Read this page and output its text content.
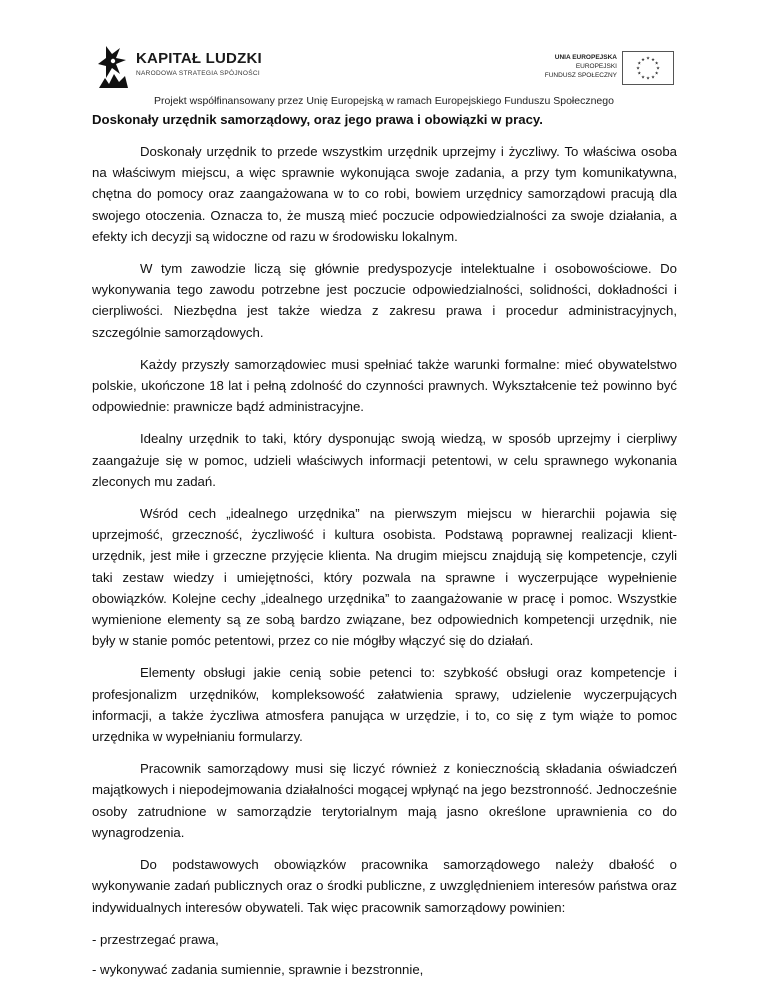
KAPITAŁ LUDZKI
NARODOWA STRATEGIA SPÓJNOŚCI
UNIA EUROPEJSKA
EUROPEJSKI
FUNDUSZ SPOŁECZNY
★
★
★
★
★
★
★
★
★ ★ ★
★
Projekt współfinansowany przez Unię Europejską w ramach Europejskiego Funduszu Społecznego
Doskonały urzędnik samorządowy, oraz jego prawa i obowiązki w pracy.

Doskonały urzędnik to przede wszystkim urzędnik uprzejmy i życzliwy. To właściwa osoba na właściwym miejscu, a więc sprawnie wykonująca swoje zadania, a przy tym komunikatywna, chętna do pomocy oraz zaangażowana w to co robi, bowiem urzędnicy samorządowi pracują dla swojego otoczenia. Oznacza to, że muszą mieć poczucie odpowiedzialności za swoje działania, a efekty ich decyzji są widoczne od razu w środowisku lokalnym.

W tym zawodzie liczą się głównie predyspozycje intelektualne i osobowościowe. Do wykonywania tego zawodu potrzebne jest poczucie odpowiedzialności, solidności, dokładności i cierpliwości. Niezbędna jest także wiedza z zakresu prawa i procedur administracyjnych, szczególnie samorządowych.

Każdy przyszły samorządowiec musi spełniać także warunki formalne: mieć obywatelstwo polskie, ukończone 18 lat i pełną zdolność do czynności prawnych. Wykształcenie też powinno być odpowiednie: prawnicze bądź administracyjne.

Idealny urzędnik to taki, który dysponując swoją wiedzą, w sposób uprzejmy i cierpliwy zaangażuje się w pomoc, udzieli właściwych informacji petentowi, w celu sprawnego wykonania zleconych mu zadań.

Wśród cech „idealnego urzędnika” na pierwszym miejscu w hierarchii pojawia się uprzejmość, grzeczność, życzliwość i kultura osobista. Podstawą poprawnej realizacji klient-urzędnik, jest miłe i grzeczne przyjęcie klienta. Na drugim miejscu znajdują się kompetencje, czyli taki zestaw wiedzy i umiejętności, który pozwala na sprawne i wyczerpujące wypełnienie obowiązków. Kolejne cechy „idealnego urzędnika” to zaangażowanie w pracę i pomoc. Wszystkie wymienione elementy są ze sobą bardzo związane, bez odpowiednich kompetencji urzędnik, nie były w stanie pomóc petentowi, przez co nie mógłby włączyć się do działań.

Elementy obsługi jakie cenią sobie petenci to: szybkość obsługi oraz kompetencje i profesjonalizm urzędników, kompleksowość załatwienia sprawy, udzielenie wyczerpujących informacji, a także życzliwa atmosfera panująca w urzędzie, i to, co się z tym wiąże to pomoc urzędnika w wypełnianiu formularzy.

Pracownik samorządowy musi się liczyć również z koniecznością składania oświadczeń majątkowych i niepodejmowania działalności mogącej wpłynąć na jego bezstronność. Jednocześnie osoby zatrudnione w samorządzie terytorialnym mają jasno określone uprawnienia co do wynagrodzenia.

Do podstawowych obowiązków pracownika samorządowego należy dbałość o wykonywanie zadań publicznych oraz o środki publiczne, z uwzględnieniem interesów państwa oraz indywidualnych interesów obywateli. Tak więc pracownik samorządowy powinien:

- przestrzegać prawa,

- wykonywać zadania sumiennie, sprawnie i bezstronnie,
